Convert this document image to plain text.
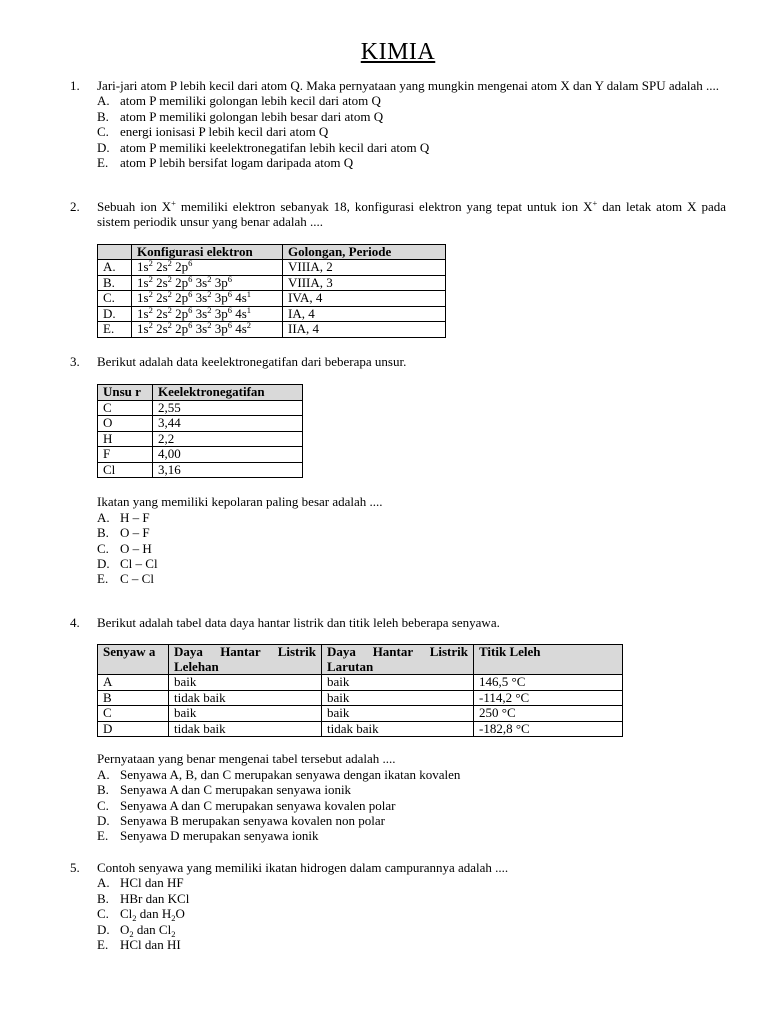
KIMIA
1.	Jari-jari atom P lebih kecil dari atom Q. Maka pernyataan yang mungkin mengenai atom X dan Y dalam SPU adalah ....
A. atom P memiliki golongan lebih kecil dari atom Q
B. atom P memiliki golongan lebih besar dari atom Q
C. energi ionisasi P lebih kecil dari atom Q
D. atom P memiliki keelektronegatifan lebih kecil dari atom Q
E. atom P lebih bersifat logam daripada atom Q
2.	Sebuah ion X+ memiliki elektron sebanyak 18, konfigurasi elektron yang tepat untuk ion X+ dan letak atom X pada sistem periodik unsur yang benar adalah ....
	Konfigurasi elektron	Golongan, Periode
A.	$1s^2$ $2s^2$ $2p^6$	VIIIA, 2
B.	$1s^2$ $2s^2$ $2p^6$ $3s^2$ $3p^6$	VIIIA, 3
C.	$1s^2$ $2s^2$ $2p^6$ $3s^2$ $3p^6$ $4s^1$	IVA, 4
D.	$1s^2$ $2s^2$ $2p^6$ $3s^2$ $3p^6$ $4s^1$	IA, 4
E.	$1s^2$ $2s^2$ $2p^6$ $3s^2$ $3p^6$ $4s^2$	IIA, 4
3.	Berikut adalah data keelektronegatifan dari beberapa unsur.
Unsu r	Keelektronegatifan
C	2,55
O	3,44
H	2,2
F	4,00
Cl	3,16
Ikatan yang memiliki kepolaran paling besar adalah ....
A. H – F
B. O – F
C. O – H
D. Cl – Cl
E. C – Cl
4.	Berikut adalah tabel data daya hantar listrik dan titik leleh beberapa senyawa.
Senyaw a	Daya Hantar Listrik Lelehan	Daya Hantar Listrik Larutan	Titik Leleh
A	baik	baik	146,5 °C
B	tidak baik	baik	-114,2 °C
C	baik	baik	250 °C
D	tidak baik	tidak baik	-182,8 °C
Pernyataan yang benar mengenai tabel tersebut adalah ....
A. Senyawa A, B, dan C merupakan senyawa dengan ikatan kovalen
B. Senyawa A dan C merupakan senyawa ionik
C. Senyawa A dan C merupakan senyawa kovalen polar
D. Senyawa B merupakan senyawa kovalen non polar
E. Senyawa D merupakan senyawa ionik
5.	Contoh senyawa yang memiliki ikatan hidrogen dalam campurannya adalah ....
A. HCl dan HF
B. HBr dan KCl
C. $Cl_2$ dan $H_2O$
D. $O_2$ dan $Cl_2$
E. HCl dan HI
